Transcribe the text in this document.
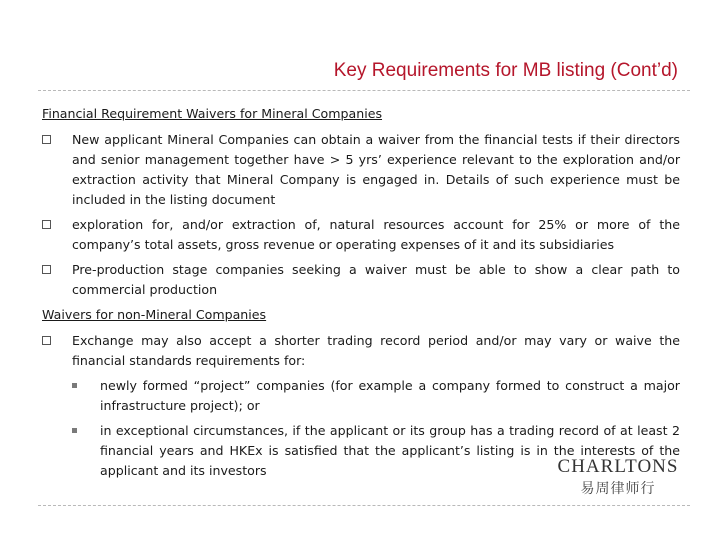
Key Requirements for MB listing (Cont’d)
Financial Requirement Waivers for Mineral Companies
New applicant Mineral Companies can obtain a waiver from the financial tests if their directors and senior management together have > 5 yrs’ experience relevant to the exploration and/or extraction activity that Mineral Company is engaged in. Details of such experience must be included in the listing document
exploration for, and/or extraction of, natural resources account for 25% or more of the company’s total assets, gross revenue or operating expenses of it and its subsidiaries
Pre-production stage companies seeking a waiver must be able to show a clear path to commercial production
Waivers for non-Mineral Companies
Exchange may also accept a shorter trading record period and/or may vary or waive the financial standards requirements for:
newly formed “project” companies (for example a company formed to construct a major infrastructure project); or
in exceptional circumstances, if the applicant or its group has a trading record of at least 2 financial years and HKEx is satisfied that the applicant’s listing is in the interests of the applicant and its investors	CHARLTONS
易周律师行
